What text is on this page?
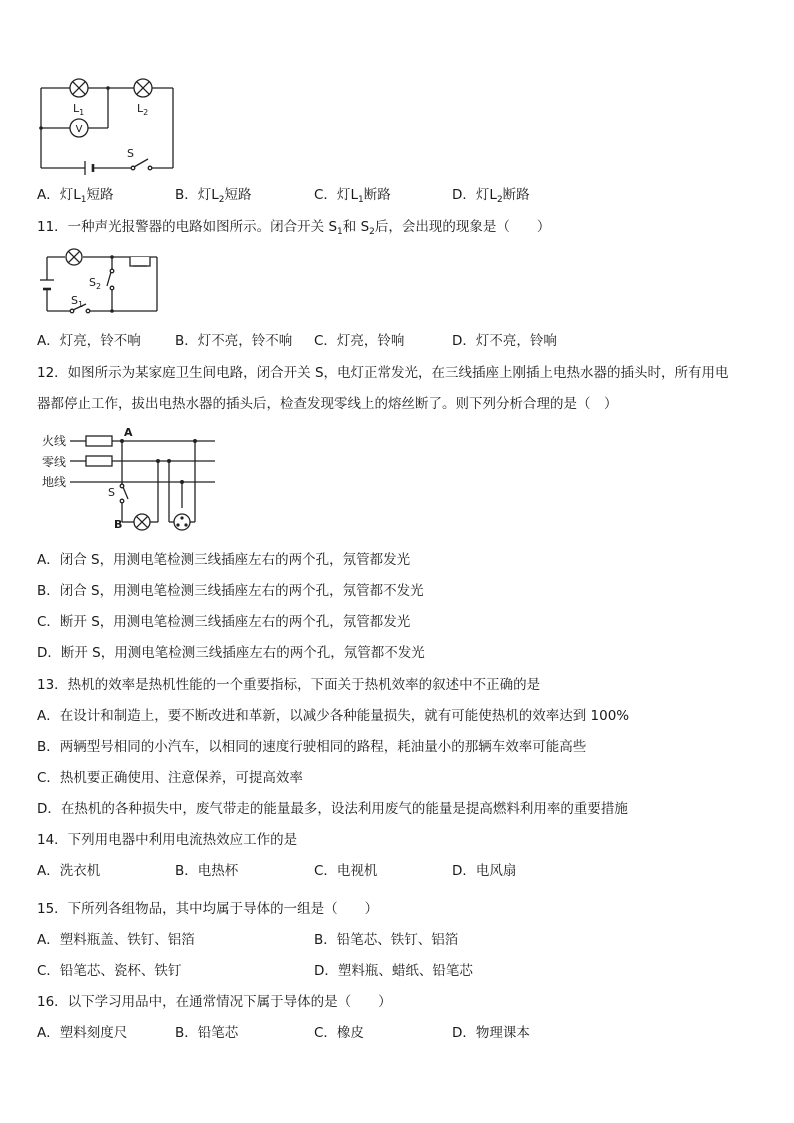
V
$L_1$	$L_2$
S
A．灯$L_1$短路	B．灯$L_2$短路	C．灯$L_1$断路	D．灯$L_2$断路
11．一种声光报警器的电路如图所示。闭合开关 $S_1$和 $S_2$后，会出现的现象是（　　）
$S_2$
$S_1$
A．灯亮，铃不响	B．灯不亮，铃不响 C．灯亮，铃响	D．灯不亮，铃响
12．如图所示为某家庭卫生间电路，闭合开关 S，电灯正常发光，在三线插座上刚插上电热水器的插头时，所有用电
器都停止工作，拔出电热水器的插头后，检查发现零线上的熔丝断了。则下列分析合理的是（　）
火线
零线
地线
A
B
S
A．闭合 S，用测电笔检测三线插座左右的两个孔，氖管都发光
B．闭合 S，用测电笔检测三线插座左右的两个孔，氖管都不发光
C．断开 S，用测电笔检测三线插座左右的两个孔，氖管都发光
D．断开 S，用测电笔检测三线插座左右的两个孔，氖管都不发光
13．热机的效率是热机性能的一个重要指标，下面关于热机效率的叙述中不正确的是
A．在设计和制造上，要不断改进和革新，以减少各种能量损失，就有可能使热机的效率达到 100%
B．两辆型号相同的小汽车，以相同的速度行驶相同的路程，耗油量小的那辆车效率可能高些
C．热机要正确使用、注意保养，可提高效率
D．在热机的各种损失中，废气带走的能量最多，设法利用废气的能量是提高燃料利用率的重要措施
14．下列用电器中利用电流热效应工作的是
A．洗衣机	B．电热杯	C．电视机	D．电风扇
15．下所列各组物品，其中均属于导体的一组是（　　）
A．塑料瓶盖、铁钉、铝箔	B．铅笔芯、铁钉、铝箔
C．铅笔芯、瓷杯、铁钉	D．塑料瓶、蜡纸、铅笔芯
16．以下学习用品中，在通常情况下属于导体的是（　　）
A．塑料刻度尺	B．铅笔芯	C．橡皮	D．物理课本
